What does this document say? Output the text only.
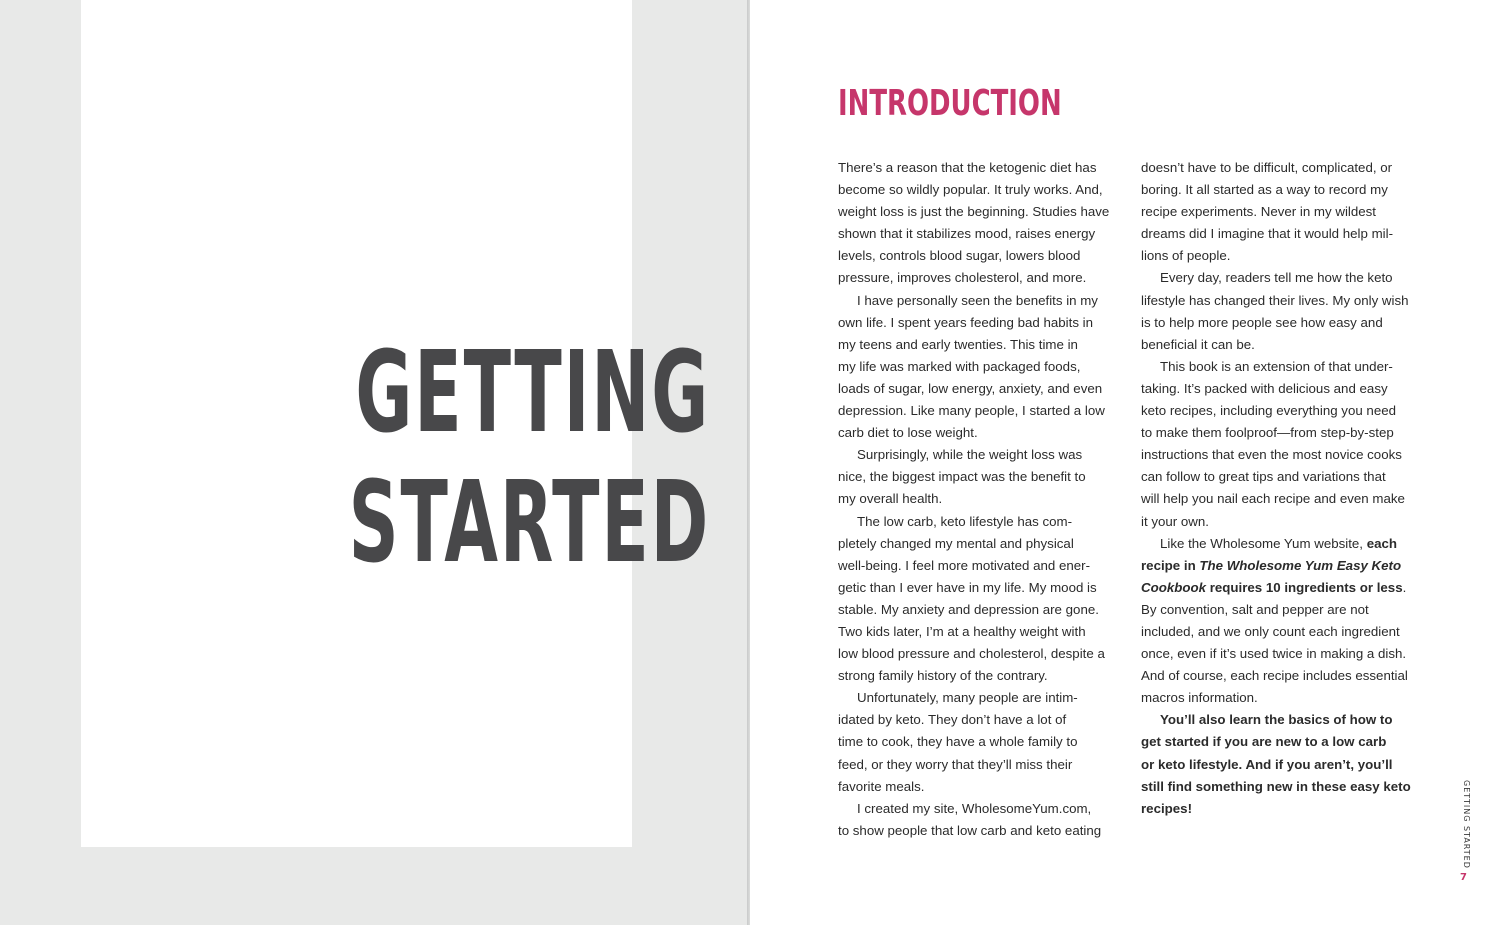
GETTING
STARTED
INTRODUCTION

There’s a reason that the ketogenic diet has
become so wildly popular. It truly works. And,
weight loss is just the beginning. Studies have
shown that it stabilizes mood, raises energy
levels, controls blood sugar, lowers blood
pressure, improves cholesterol, and more.

I have personally seen the benefits in my
own life. I spent years feeding bad habits in
my teens and early twenties. This time in
my life was marked with packaged foods,
loads of sugar, low energy, anxiety, and even
depression. Like many people, I started a low
carb diet to lose weight.

Surprisingly, while the weight loss was
nice, the biggest impact was the benefit to
my overall health.

The low carb, keto lifestyle has com-
pletely changed my mental and physical
well-being. I feel more motivated and ener-
getic than I ever have in my life. My mood is
stable. My anxiety and depression are gone.
Two kids later, I’m at a healthy weight with
low blood pressure and cholesterol, despite a
strong family history of the contrary.

Unfortunately, many people are intim-
idated by keto. They don’t have a lot of
time to cook, they have a whole family to
feed, or they worry that they’ll miss their
favorite meals.

I created my site, WholesomeYum.com,
to show people that low carb and keto eating

doesn’t have to be difficult, complicated, or
boring. It all started as a way to record my
recipe experiments. Never in my wildest
dreams did I imagine that it would help mil-
lions of people.

Every day, readers tell me how the keto
lifestyle has changed their lives. My only wish
is to help more people see how easy and
beneficial it can be.

This book is an extension of that under-
taking. It’s packed with delicious and easy
keto recipes, including everything you need
to make them foolproof—from step-by-step
instructions that even the most novice cooks
can follow to great tips and variations that
will help you nail each recipe and even make
it your own.

Like the Wholesome Yum website, each
recipe in The Wholesome Yum Easy Keto
Cookbook requires 10 ingredients or less.
By convention, salt and pepper are not
included, and we only count each ingredient
once, even if it’s used twice in making a dish.
And of course, each recipe includes essential
macros information.

You’ll also learn the basics of how to
get started if you are new to a low carb
or keto lifestyle. And if you aren’t, you’ll
still find something new in these easy keto
recipes!	GETTING STARTED
7
